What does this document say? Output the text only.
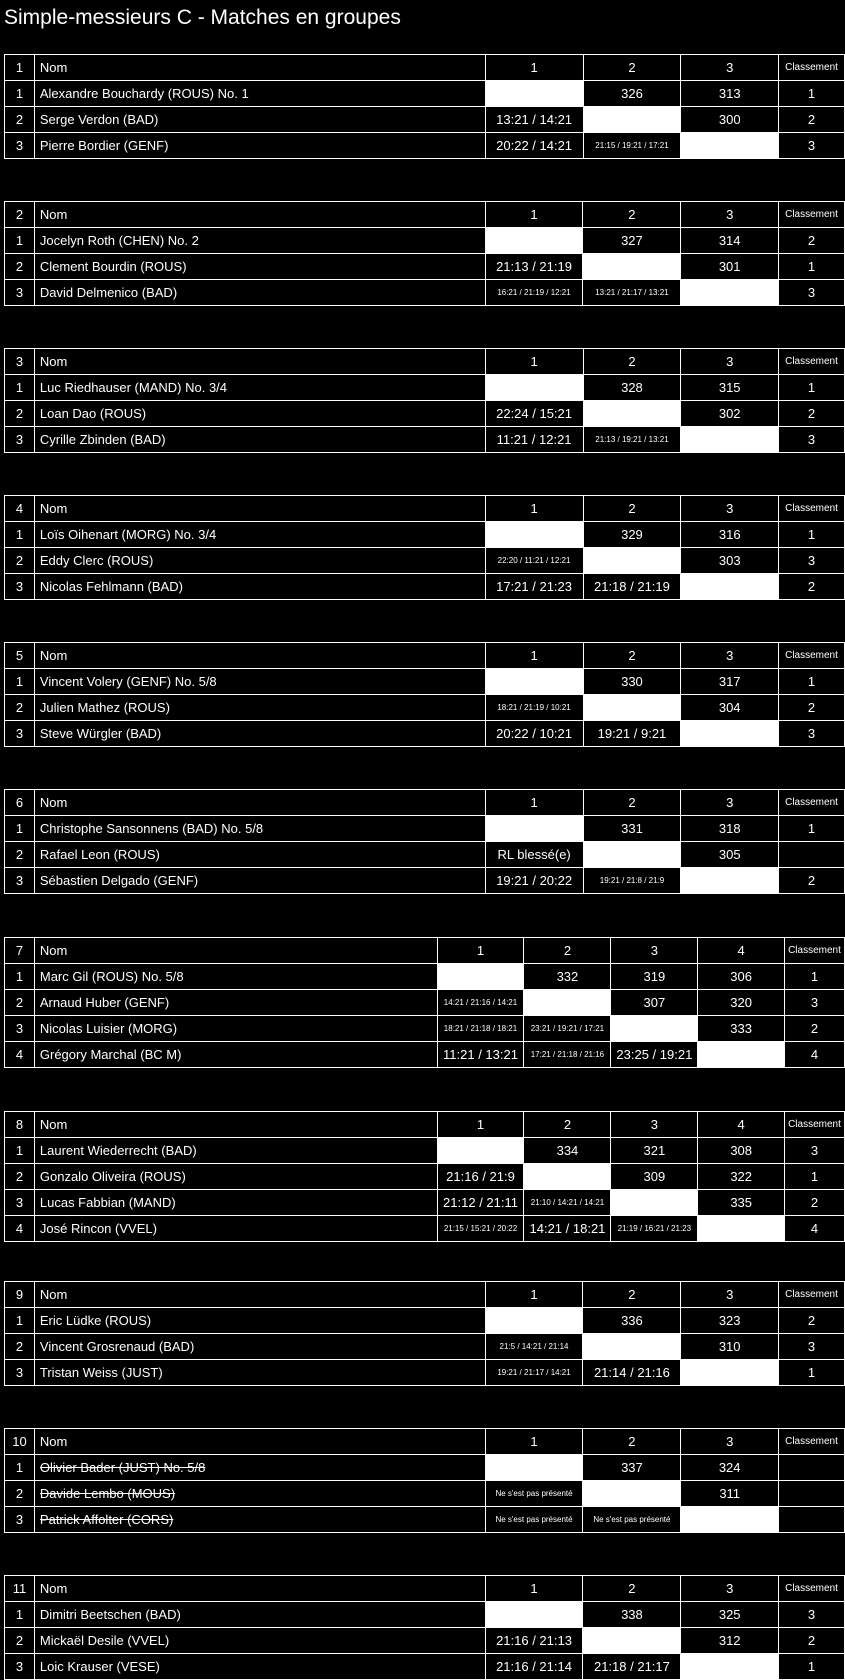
Simple-messieurs C - Matches en groupes
1	Nom	1	2	3	Classement
1	Alexandre Bouchardy (ROUS) No. 1		326	313	1
2	Serge Verdon (BAD)	13:21 / 14:21		300	2
3	Pierre Bordier (GENF)	20:22 / 14:21	21:15 / 19:21 / 17:21		3
2	Nom	1	2	3	Classement
1	Jocelyn Roth (CHEN) No. 2		327	314	2
2	Clement Bourdin (ROUS)	21:13 / 21:19		301	1
3	David Delmenico (BAD)	16:21 / 21:19 / 12:21	13:21 / 21:17 / 13:21		3
3	Nom	1	2	3	Classement
1	Luc Riedhauser (MAND) No. 3/4		328	315	1
2	Loan Dao (ROUS)	22:24 / 15:21		302	2
3	Cyrille Zbinden (BAD)	11:21 / 12:21	21:13 / 19:21 / 13:21		3
4	Nom	1	2	3	Classement
1	Loïs Oihenart (MORG) No. 3/4		329	316	1
2	Eddy Clerc (ROUS)	22:20 / 11:21 / 12:21		303	3
3	Nicolas Fehlmann (BAD)	17:21 / 21:23	21:18 / 21:19		2
5	Nom	1	2	3	Classement
1	Vincent Volery (GENF) No. 5/8		330	317	1
2	Julien Mathez (ROUS)	18:21 / 21:19 / 10:21		304	2
3	Steve Würgler (BAD)	20:22 / 10:21	19:21 / 9:21		3
6	Nom	1	2	3	Classement
1	Christophe Sansonnens (BAD) No. 5/8		331	318	1
2	Rafael Leon (ROUS)	RL blessé(e)		305	
3	Sébastien Delgado (GENF)	19:21 / 20:22	19:21 / 21:8 / 21:9		2
7	Nom	1	2	3	4	Classement
1	Marc Gil (ROUS) No. 5/8		332	319	306	1
2	Arnaud Huber (GENF)	14:21 / 21:16 / 14:21		307	320	3
3	Nicolas Luisier (MORG)	18:21 / 21:18 / 18:21	23:21 / 19:21 / 17:21		333	2
4	Grégory Marchal (BC M)	11:21 / 13:21	17:21 / 21:18 / 21:16	23:25 / 19:21		4
8	Nom	1	2	3	4	Classement
1	Laurent Wiederrecht (BAD)		334	321	308	3
2	Gonzalo Oliveira (ROUS)	21:16 / 21:9		309	322	1
3	Lucas Fabbian (MAND)	21:12 / 21:11	21:10 / 14:21 / 14:21		335	2
4	José Rincon (VVEL)	21:15 / 15:21 / 20:22	14:21 / 18:21	21:19 / 16:21 / 21:23		4
9	Nom	1	2	3	Classement
1	Eric Lüdke (ROUS)		336	323	2
2	Vincent Grosrenaud (BAD)	21:5 / 14:21 / 21:14		310	3
3	Tristan Weiss (JUST)	19:21 / 21:17 / 14:21	21:14 / 21:16		1
10	Nom	1	2	3	Classement
1	Olivier Bader (JUST) No. 5/8		337	324	
2	Davide Lembo (MOUS)	Ne s'est pas présenté		311	
3	Patrick Affolter (CORS)	Ne s'est pas présenté	Ne s'est pas présenté		
11	Nom	1	2	3	Classement
1	Dimitri Beetschen (BAD)		338	325	3
2	Mickaël Desile (VVEL)	21:16 / 21:13		312	2
3	Loic Krauser (VESE)	21:16 / 21:14	21:18 / 21:17		1
